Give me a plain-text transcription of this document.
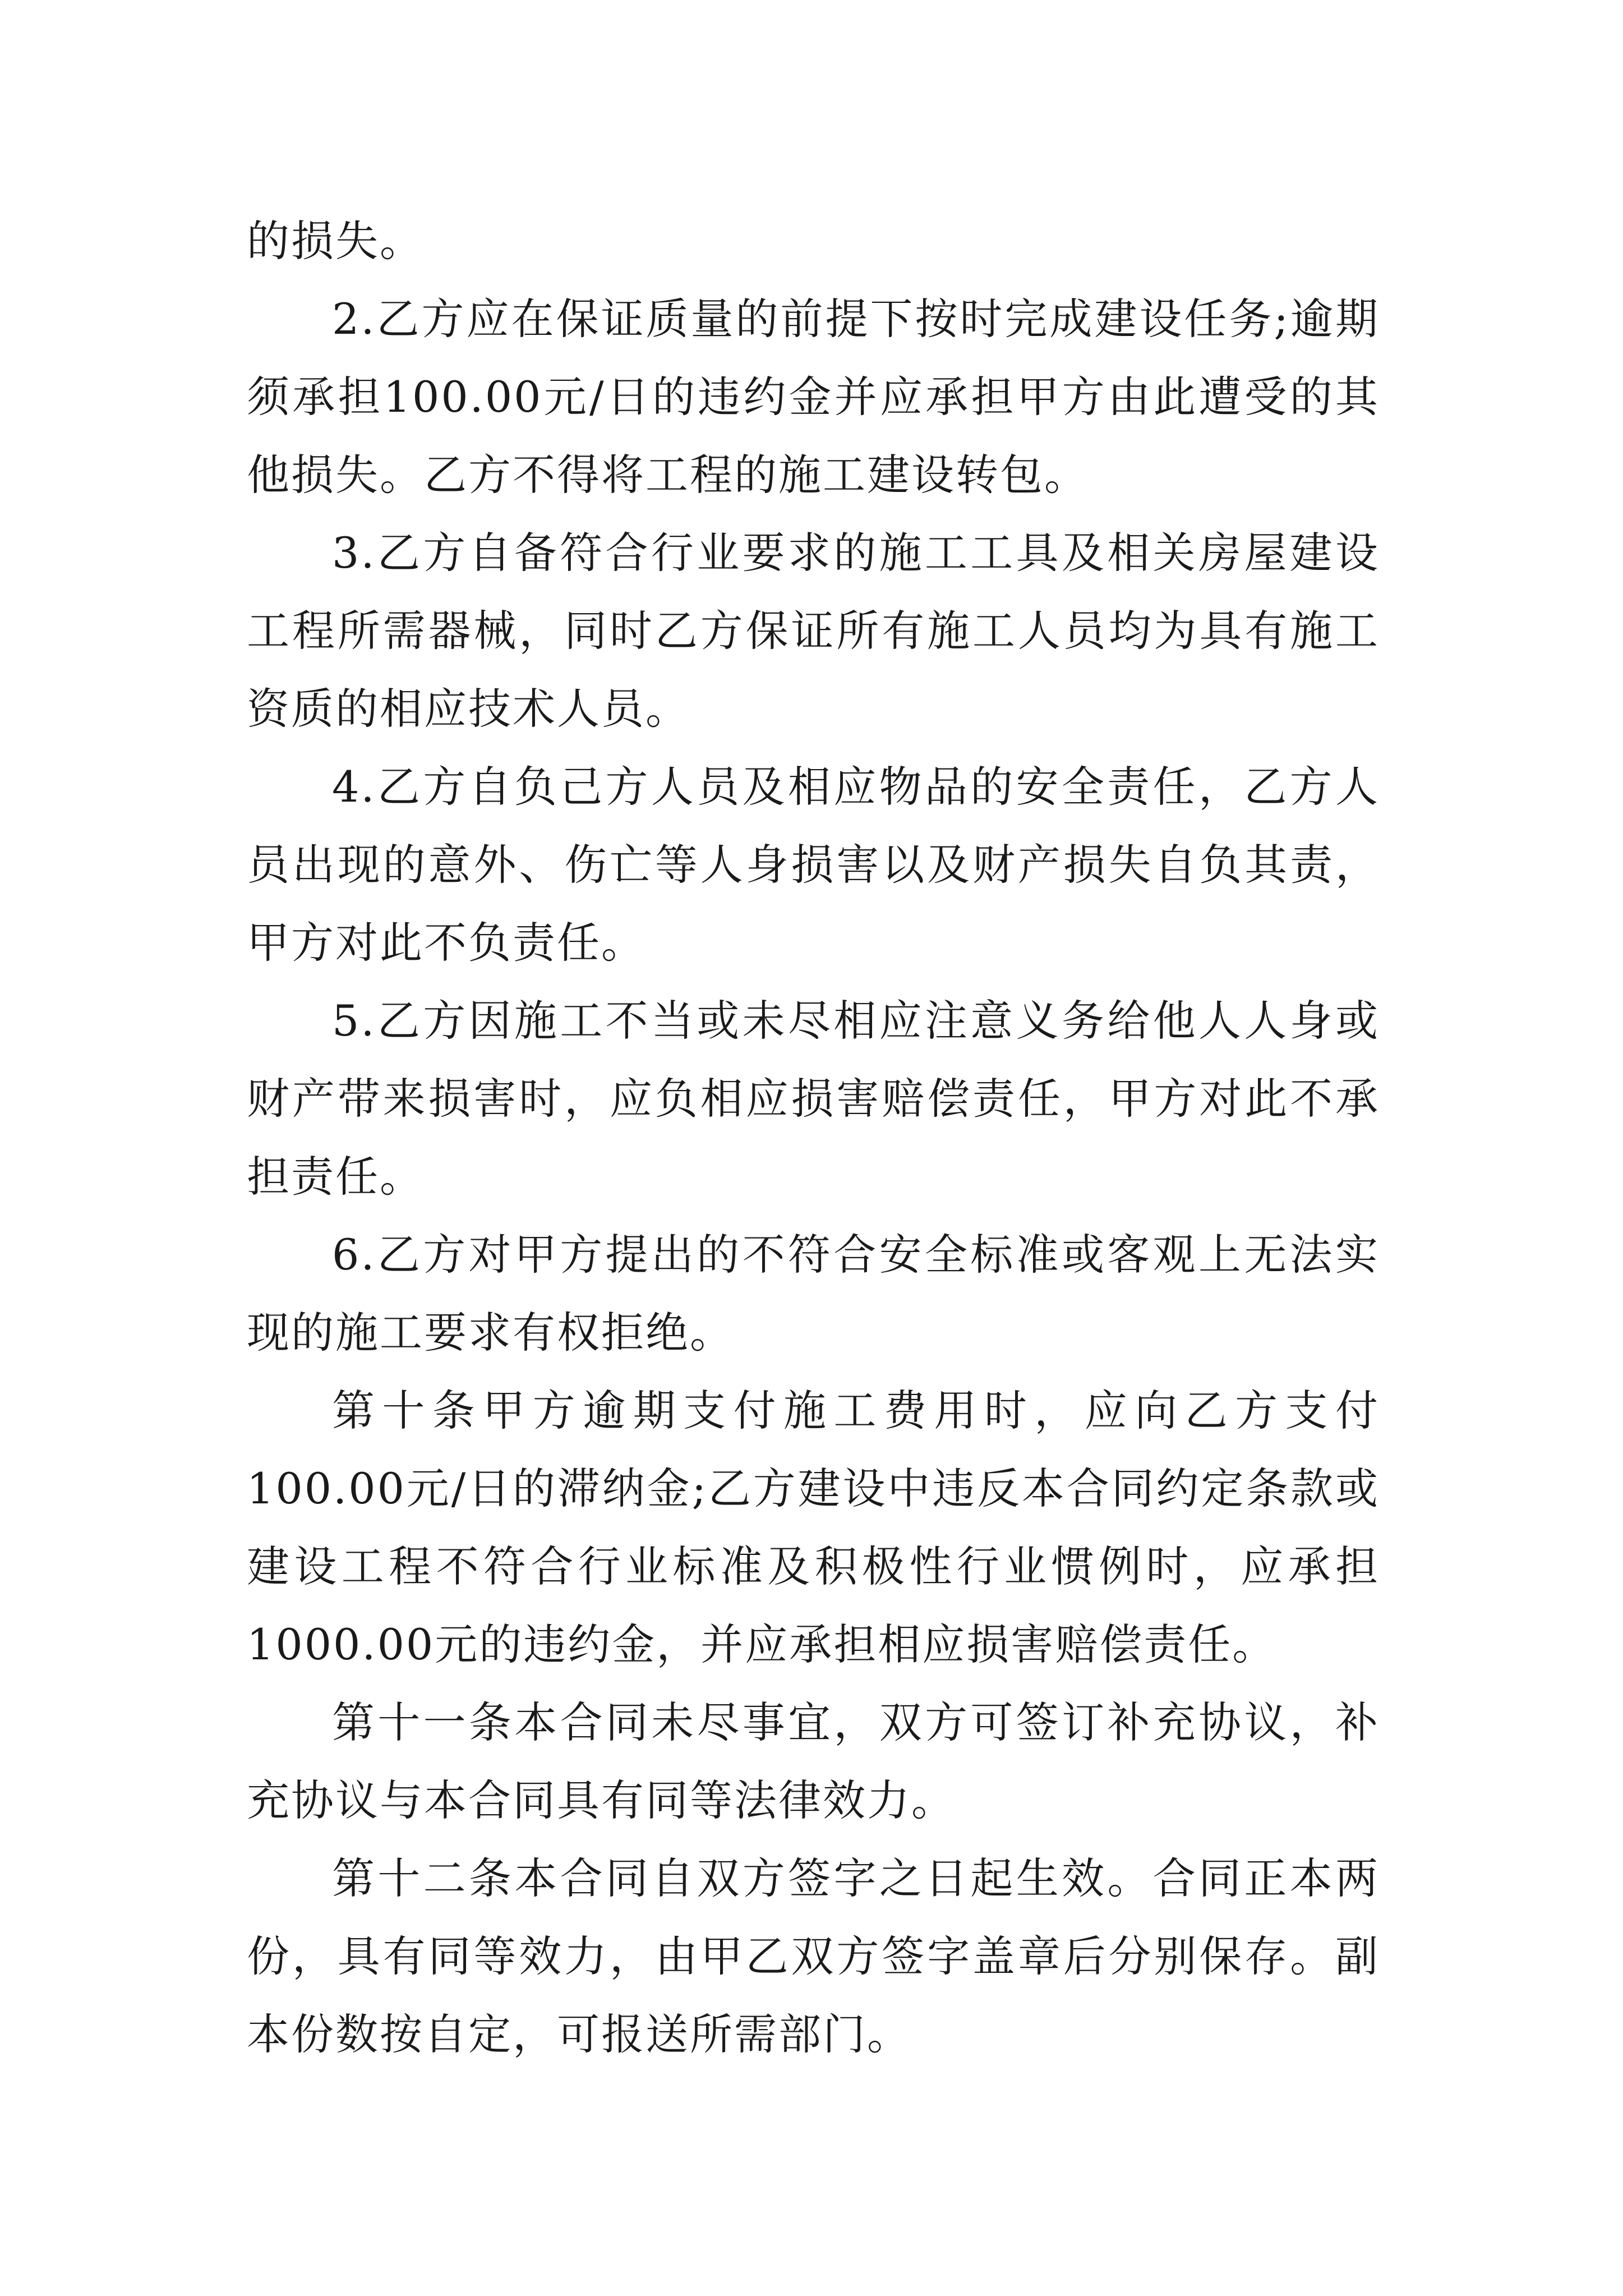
的损失。

2.乙方应在保证质量的前提下按时完成建设任务;逾期须承担100.00元/日的违约金并应承担甲方由此遭受的其他损失。乙方不得将工程的施工建设转包。

3.乙方自备符合行业要求的施工工具及相关房屋建设工程所需器械，同时乙方保证所有施工人员均为具有施工资质的相应技术人员。

4.乙方自负己方人员及相应物品的安全责任，乙方人员出现的意外、伤亡等人身损害以及财产损失自负其责，甲方对此不负责任。

5.乙方因施工不当或未尽相应注意义务给他人人身或财产带来损害时，应负相应损害赔偿责任，甲方对此不承担责任。

6.乙方对甲方提出的不符合安全标准或客观上无法实现的施工要求有权拒绝。

第十条甲方逾期支付施工费用时，应向乙方支付100.00元/日的滞纳金;乙方建设中违反本合同约定条款或建设工程不符合行业标准及积极性行业惯例时，应承担1000.00元的违约金，并应承担相应损害赔偿责任。

第十一条本合同未尽事宜，双方可签订补充协议，补充协议与本合同具有同等法律效力。

第十二条本合同自双方签字之日起生效。合同正本两份，具有同等效力，由甲乙双方签字盖章后分别保存。副本份数按自定，可报送所需部门。
